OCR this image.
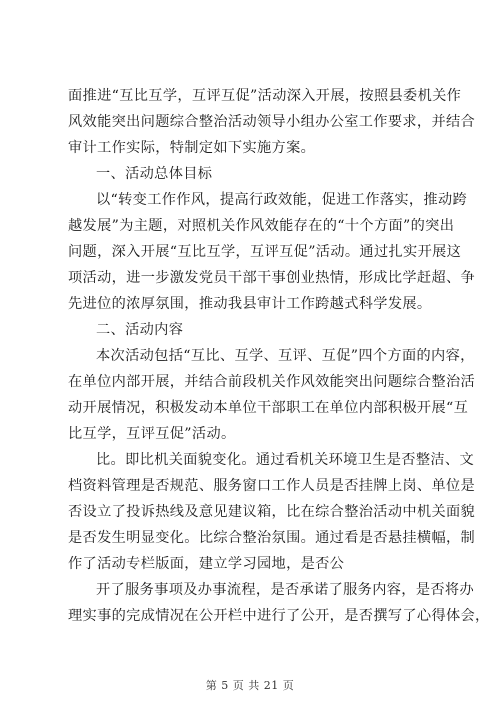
面推进“互比互学，互评互促”活动深入开展，按照县委机关作
风效能突出问题综合整治活动领导小组办公室工作要求，并结合
审计工作实际，特制定如下实施方案。
一、活动总体目标
以“转变工作作风，提高行政效能，促进工作落实，推动跨
越发展”为主题，对照机关作风效能存在的“十个方面”的突出
问题，深入开展“互比互学，互评互促”活动。通过扎实开展这
项活动，进一步激发党员干部干事创业热情，形成比学赶超、争
先进位的浓厚氛围，推动我县审计工作跨越式科学发展。
二、活动内容
本次活动包括“互比、互学、互评、互促”四个方面的内容，
在单位内部开展，并结合前段机关作风效能突出问题综合整治活
动开展情况，积极发动本单位干部职工在单位内部积极开展“互
比互学，互评互促”活动。
比。即比机关面貌变化。通过看机关环境卫生是否整洁、文
档资料管理是否规范、服务窗口工作人员是否挂牌上岗、单位是
否设立了投诉热线及意见建议箱，比在综合整治活动中机关面貌
是否发生明显变化。比综合整治氛围。通过看是否悬挂横幅，制
作了活动专栏版面，建立学习园地，是否公
开了服务事项及办事流程，是否承诺了服务内容，是否将办
理实事的完成情况在公开栏中进行了公开，是否撰写了心得体会，
第 5 页 共 21 页
